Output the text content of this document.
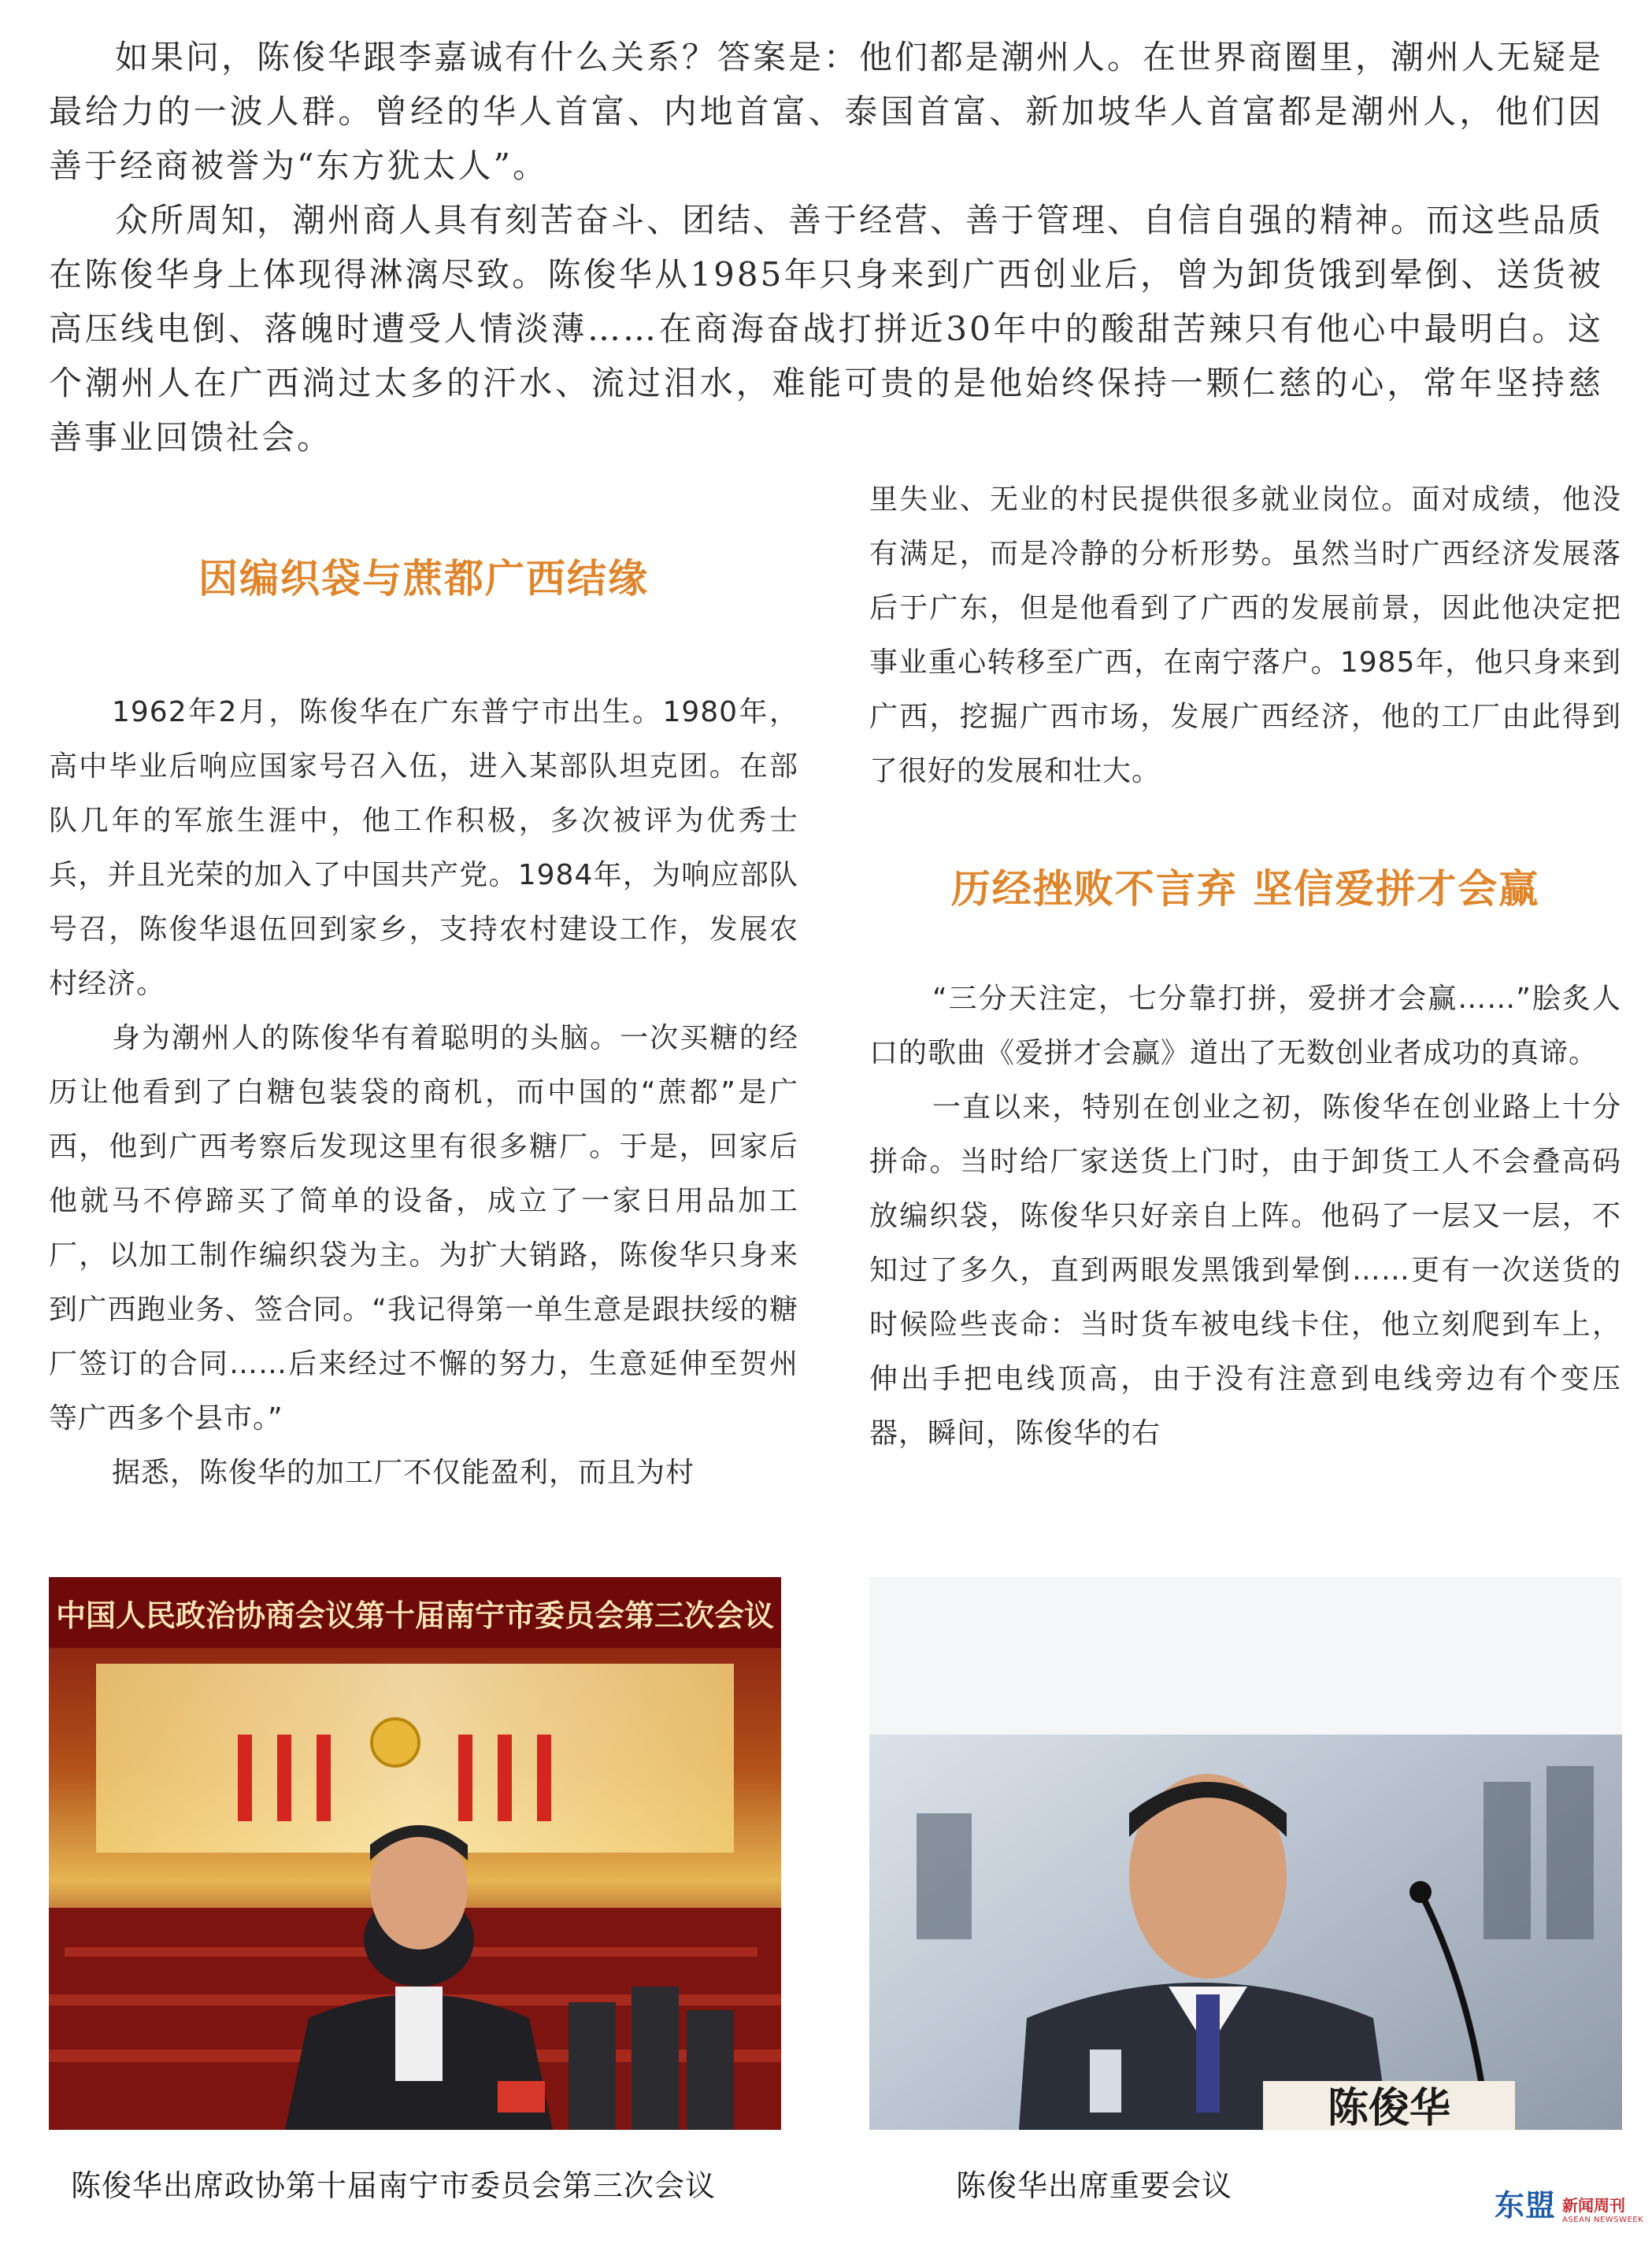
如果问，陈俊华跟李嘉诚有什么关系？答案是：他们都是潮州人。在世界商圈里，潮州人无疑是最给力的一波人群。曾经的华人首富、内地首富、泰国首富、新加坡华人首富都是潮州人，他们因善于经商被誉为“东方犹太人”。

众所周知，潮州商人具有刻苦奋斗、团结、善于经营、善于管理、自信自强的精神。而这些品质在陈俊华身上体现得淋漓尽致。陈俊华从1985年只身来到广西创业后，曾为卸货饿到晕倒、送货被高压线电倒、落魄时遭受人情淡薄……在商海奋战打拼近30年中的酸甜苦辣只有他心中最明白。这个潮州人在广西淌过太多的汗水、流过泪水，难能可贵的是他始终保持一颗仁慈的心，常年坚持慈善事业回馈社会。

因编织袋与蔗都广西结缘

1962年2月，陈俊华在广东普宁市出生。1980年，高中毕业后响应国家号召入伍，进入某部队坦克团。在部队几年的军旅生涯中，他工作积极，多次被评为优秀士兵，并且光荣的加入了中国共产党。1984年，为响应部队号召，陈俊华退伍回到家乡，支持农村建设工作，发展农村经济。

身为潮州人的陈俊华有着聪明的头脑。一次买糖的经历让他看到了白糖包装袋的商机，而中国的“蔗都”是广西，他到广西考察后发现这里有很多糖厂。于是，回家后他就马不停蹄买了简单的设备，成立了一家日用品加工厂，以加工制作编织袋为主。为扩大销路，陈俊华只身来到广西跑业务、签合同。“我记得第一单生意是跟扶绥的糖厂签订的合同……后来经过不懈的努力，生意延伸至贺州等广西多个县市。”

据悉，陈俊华的加工厂不仅能盈利，而且为村

里失业、无业的村民提供很多就业岗位。面对成绩，他没有满足，而是冷静的分析形势。虽然当时广西经济发展落后于广东，但是他看到了广西的发展前景，因此他决定把事业重心转移至广西，在南宁落户。1985年，他只身来到广西，挖掘广西市场，发展广西经济，他的工厂由此得到了很好的发展和壮大。

历经挫败不言弃 坚信爱拼才会赢

“三分天注定，七分靠打拼，爱拼才会赢……”脍炙人口的歌曲《爱拼才会赢》道出了无数创业者成功的真谛。

一直以来，特别在创业之初，陈俊华在创业路上十分拼命。当时给厂家送货上门时，由于卸货工人不会叠高码放编织袋，陈俊华只好亲自上阵。他码了一层又一层，不知过了多久，直到两眼发黑饿到晕倒……更有一次送货的时候险些丧命：当时货车被电线卡住，他立刻爬到车上，伸出手把电线顶高，由于没有注意到电线旁边有个变压器，瞬间，陈俊华的右

中国人民政治协商会议第十届南宁市委员会第三次会议
陈俊华
陈俊华出席政协第十届南宁市委员会第三次会议	陈俊华出席重要会议
东盟 新闻周刊
ASEAN NEWSWEEK
